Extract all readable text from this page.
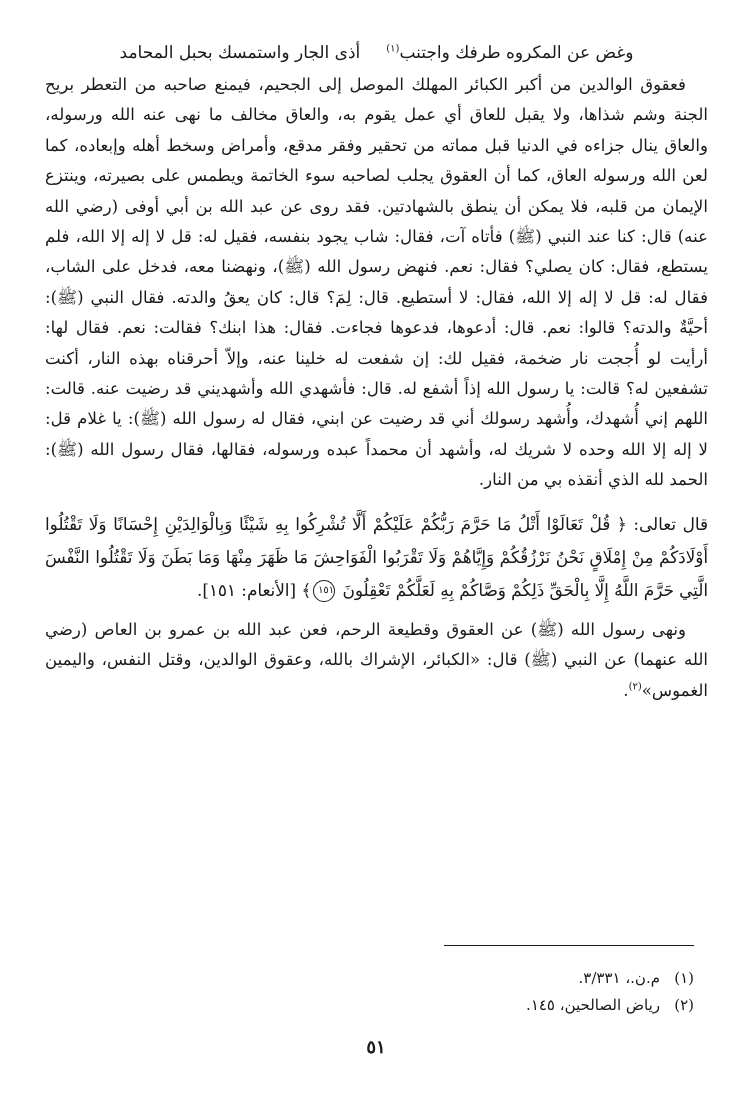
وغض عن المكروه طرفك واجتنب$^{(١)}$أذى الجار واستمسك بحبل المحامد

فعقوق الوالدين من أكبر الكبائر المهلك الموصل إلى الجحيم، فيمنع صاحبه من التعطر بريح الجنة وشم شذاها، ولا يقبل للعاق أي عمل يقوم به، والعاق مخالف ما نهى عنه الله ورسوله، والعاق ينال جزاءه في الدنيا قبل مماته من تحقير وفقر مدقع، وأمراض وسخط أهله وإبعاده، كما لعن الله ورسوله العاق، كما أن العقوق يجلب لصاحبه سوء الخاتمة ويطمس على بصيرته، وينتزع الإيمان من قلبه، فلا يمكن أن ينطق بالشهادتين. فقد روى عن عبد الله بن أبي أوفى (رضي الله عنه) قال: كنا عند النبي (ﷺ) فأتاه آت، فقال: شاب يجود بنفسه، فقيل له: قل لا إله إلا الله، فلم يستطع، فقال: كان يصلي؟ فقال: نعم. فنهض رسول الله (ﷺ)، ونهضنا معه، فدخل على الشاب، فقال له: قل لا إله إلا الله، فقال: لا أستطيع. قال: لِمَ؟ قال: كان يعقُ والدته. فقال النبي (ﷺ): أحيَّةٌ والدته؟ قالوا: نعم. قال: أدعوها، فدعوها فجاءت. فقال: هذا ابنك؟ فقالت: نعم. فقال لها: أرأيت لو أُججت نار ضخمة، فقيل لك: إن شفعت له خلينا عنه، وإلاّ أحرقناه بهذه النار، أكنت تشفعين له؟ قالت: يا رسول الله إذاً أشفع له. قال: فأشهدي الله وأشهديني قد رضيت عنه. قالت: اللهم إني أُشهدك، وأُشهد رسولك أني قد رضيت عن ابني، فقال له رسول الله (ﷺ): يا غلام قل: لا إله إلا الله وحده لا شريك له، وأشهد أن محمداً عبده ورسوله، فقالها، فقال رسول الله (ﷺ): الحمد لله الذي أنقذه بي من النار.

قال تعالى: ﴿ قُلْ تَعَالَوْا أَتْلُ مَا حَرَّمَ رَبُّكُمْ عَلَيْكُمْ أَلَّا تُشْرِكُوا بِهِ شَيْئًا وَبِالْوَالِدَيْنِ إِحْسَانًا وَلَا تَقْتُلُوا أَوْلَادَكُمْ مِنْ إِمْلَاقٍ نَحْنُ نَرْزُقُكُمْ وَإِيَّاهُمْ وَلَا تَقْرَبُوا الْفَوَاحِشَ مَا ظَهَرَ مِنْهَا وَمَا بَطَنَ وَلَا تَقْتُلُوا النَّفْسَ الَّتِي حَرَّمَ اللَّهُ إِلَّا بِالْحَقِّ ذَلِكُمْ وَصَّاكُمْ بِهِ لَعَلَّكُمْ تَعْقِلُونَ ١٥١﴾ [الأنعام: ١٥١].

ونهى رسول الله (ﷺ) عن العقوق وقطيعة الرحم، فعن عبد الله بن عمرو بن العاص (رضي الله عنهما) عن النبي (ﷺ) قال: «الكبائر، الإشراك بالله، وعقوق الوالدين، وقتل النفس، واليمين الغموس»$^{(٢)}$.

(١)م.ن.، ٣/٣٣١.
(٢)رياض الصالحين، ١٤٥.
٥١
